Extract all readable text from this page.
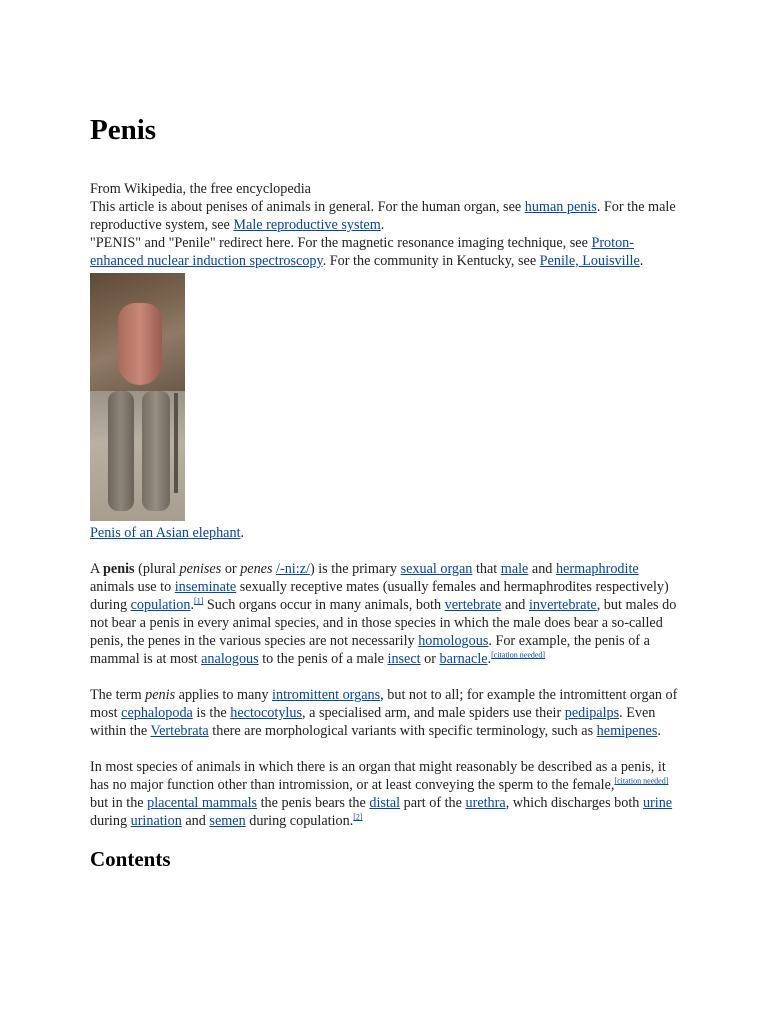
Penis

From Wikipedia, the free encyclopedia

This article is about penises of animals in general. For the human organ, see human penis. For the male reproductive system, see Male reproductive system.

"PENIS" and "Penile" redirect here. For the magnetic resonance imaging technique, see Proton-enhanced nuclear induction spectroscopy. For the community in Kentucky, see Penile, Louisville.

Penis of an Asian elephant.

A penis (plural penises or penes /-ni:z/) is the primary sexual organ that male and hermaphrodite animals use to inseminate sexually receptive mates (usually females and hermaphrodites respectively) during copulation.[1] Such organs occur in many animals, both vertebrate and invertebrate, but males do not bear a penis in every animal species, and in those species in which the male does bear a so-called penis, the penes in the various species are not necessarily homologous. For example, the penis of a mammal is at most analogous to the penis of a male insect or barnacle.[citation needed]

The term penis applies to many intromittent organs, but not to all; for example the intromittent organ of most cephalopoda is the hectocotylus, a specialised arm, and male spiders use their pedipalps. Even within the Vertebrata there are morphological variants with specific terminology, such as hemipenes.

In most species of animals in which there is an organ that might reasonably be described as a penis, it has no major function other than intromission, or at least conveying the sperm to the female,[citation needed] but in the placental mammals the penis bears the distal part of the urethra, which discharges both urine during urination and semen during copulation.[2]

Contents
